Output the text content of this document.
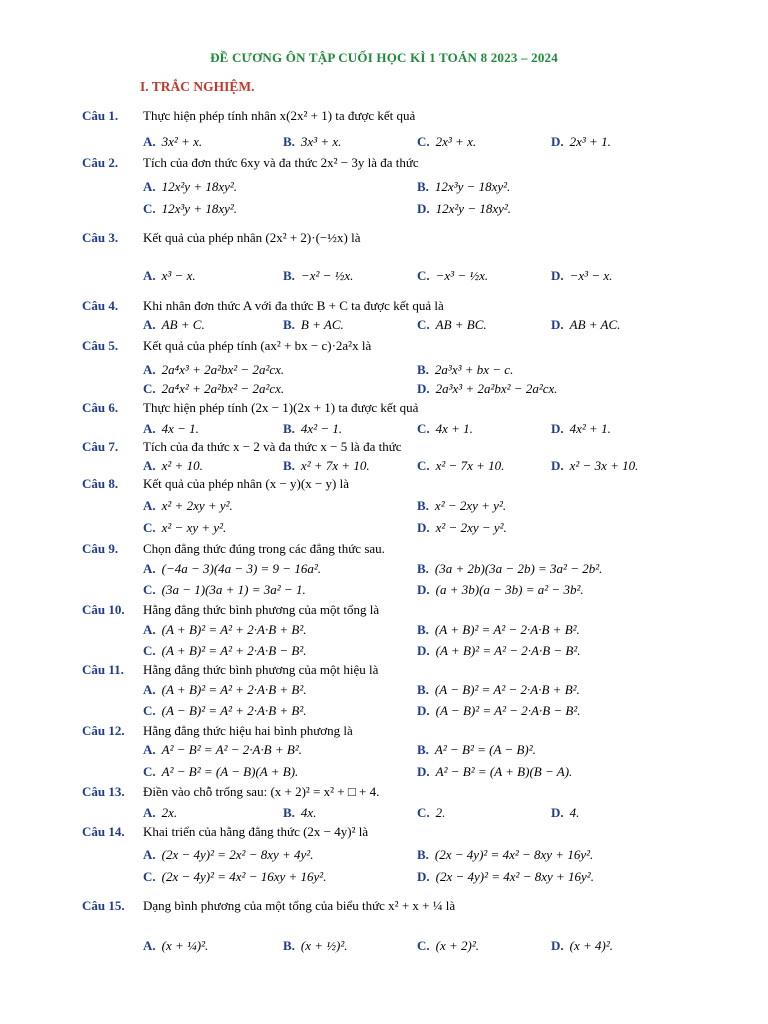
ĐỀ CƯƠNG ÔN TẬP CUỐI HỌC KÌ 1 TOÁN 8 2023 – 2024
I. TRẮC NGHIỆM.
Câu 1. Thực hiện phép tính nhân x(2x² + 1) ta được kết quả
A. 3x² + x.	B. 3x³ + x.	C. 2x³ + x.	D. 2x³ + 1.
Câu 2. Tích của đơn thức 6xy và đa thức 2x² − 3y là đa thức
A. 12x²y + 18xy².	B. 12x³y − 18xy².
C. 12x³y + 18xy².	D. 12x²y − 18xy².
Câu 3. Kết quả của phép nhân (2x² + 2)·(−½x) là
A. x³ − x.	B. −x² − ½x.	C. −x³ − ½x.	D. −x³ − x.
Câu 4. Khi nhân đơn thức A với đa thức B + C ta được kết quả là
A. AB + C.	B. B + AC.	C. AB + BC.	D. AB + AC.
Câu 5. Kết quả của phép tính (ax² + bx − c)·2a²x là
A. 2a⁴x³ + 2a²bx² − 2a²cx.	B. 2a³x³ + bx − c.
C. 2a⁴x² + 2a²bx² − 2a²cx.	D. 2a³x³ + 2a²bx² − 2a²cx.
Câu 6. Thực hiện phép tính (2x − 1)(2x + 1) ta được kết quả
A. 4x − 1.	B. 4x² − 1.	C. 4x + 1.	D. 4x² + 1.
Câu 7. Tích của đa thức x − 2 và đa thức x − 5 là đa thức
A. x² + 10.	B. x² + 7x + 10.	C. x² − 7x + 10.	D. x² − 3x + 10.
Câu 8. Kết quả của phép nhân (x − y)(x − y) là
A. x² + 2xy + y².	B. x² − 2xy + y².
C. x² − xy + y².	D. x² − 2xy − y².
Câu 9. Chọn đẳng thức đúng trong các đẳng thức sau.
A. (−4a − 3)(4a − 3) = 9 − 16a².	B. (3a + 2b)(3a − 2b) = 3a² − 2b².
C. (3a − 1)(3a + 1) = 3a² − 1.	D. (a + 3b)(a − 3b) = a² − 3b².
Câu 10. Hằng đẳng thức bình phương của một tổng là
A. (A + B)² = A² + 2·A·B + B².	B. (A + B)² = A² − 2·A·B + B².
C. (A + B)² = A² + 2·A·B − B².	D. (A + B)² = A² − 2·A·B − B².
Câu 11. Hằng đẳng thức bình phương của một hiệu là
A. (A + B)² = A² + 2·A·B + B².	B. (A − B)² = A² − 2·A·B + B².
C. (A − B)² = A² + 2·A·B + B².	D. (A − B)² = A² − 2·A·B − B².
Câu 12. Hằng đẳng thức hiệu hai bình phương là
A. A² − B² = A² − 2·A·B + B².	B. A² − B² = (A − B)².
C. A² − B² = (A − B)(A + B).	D. A² − B² = (A + B)(B − A).
Câu 13. Điền vào chỗ trống sau: (x + 2)² = x² + □ + 4.
A. 2x.	B. 4x.	C. 2.	D. 4.
Câu 14. Khai triển của hằng đẳng thức (2x − 4y)² là
A. (2x − 4y)² = 2x² − 8xy + 4y².	B. (2x − 4y)² = 4x² − 8xy + 16y².
C. (2x − 4y)² = 4x² − 16xy + 16y².	D. (2x − 4y)² = 4x² − 8xy + 16y².
Câu 15. Dạng bình phương của một tổng của biểu thức x² + x + ¼ là
A. (x + ¼)².	B. (x + ½)².	C. (x + 2)².	D. (x + 4)².
